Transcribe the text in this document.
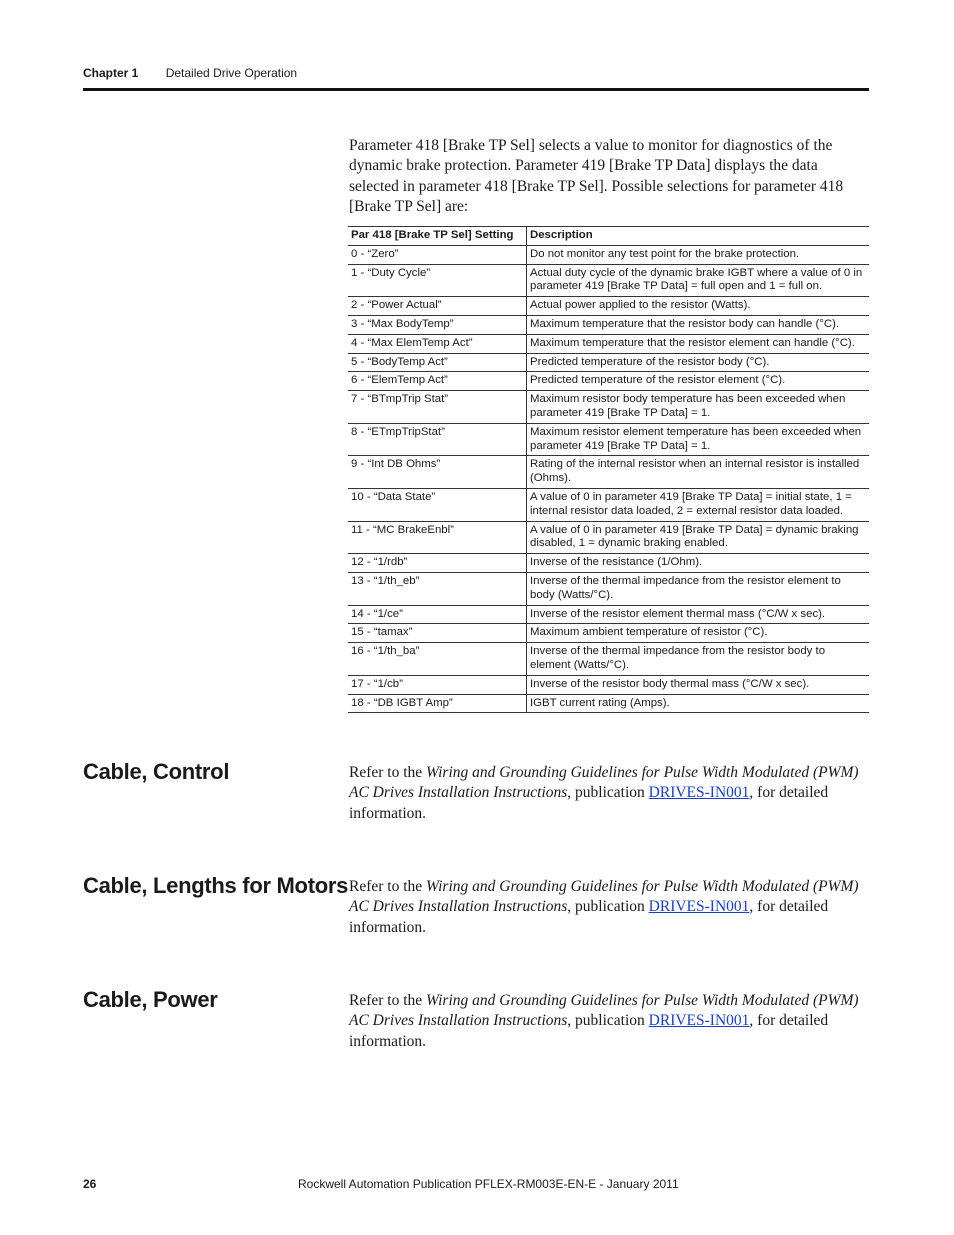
Chapter 1 Detailed Drive Operation
Parameter 418 [Brake TP Sel] selects a value to monitor for diagnostics of the dynamic brake protection. Parameter 419 [Brake TP Data] displays the data selected in parameter 418 [Brake TP Sel]. Possible selections for parameter 418 [Brake TP Sel] are:
Par 418 [Brake TP Sel] Setting	Description
0 - “Zero”	Do not monitor any test point for the brake protection.
1 - “Duty Cycle”	Actual duty cycle of the dynamic brake IGBT where a value of 0 in parameter 419 [Brake TP Data] = full open and 1 = full on.
2 - “Power Actual”	Actual power applied to the resistor (Watts).
3 - “Max BodyTemp”	Maximum temperature that the resistor body can handle (°C).
4 - “Max ElemTemp Act”	Maximum temperature that the resistor element can handle (°C).
5 - “BodyTemp Act”	Predicted temperature of the resistor body (°C).
6 - “ElemTemp Act”	Predicted temperature of the resistor element (°C).
7 - “BTmpTrip Stat”	Maximum resistor body temperature has been exceeded when parameter 419 [Brake TP Data] = 1.
8 - “ETmpTripStat”	Maximum resistor element temperature has been exceeded when parameter 419 [Brake TP Data] = 1.
9 - “Int DB Ohms”	Rating of the internal resistor when an internal resistor is installed (Ohms).
10 - “Data State”	A value of 0 in parameter 419 [Brake TP Data] = initial state, 1 = internal resistor data loaded, 2 = external resistor data loaded.
11 - “MC BrakeEnbl”	A value of 0 in parameter 419 [Brake TP Data] = dynamic braking disabled, 1 = dynamic braking enabled.
12 - “1/rdb”	Inverse of the resistance (1/Ohm).
13 - “1/th_eb”	Inverse of the thermal impedance from the resistor element to body (Watts/°C).
14 - “1/ce”	Inverse of the resistor element thermal mass (°C/W x sec).
15 - “tamax”	Maximum ambient temperature of resistor (°C).
16 - “1/th_ba”	Inverse of the thermal impedance from the resistor body to element (Watts/°C).
17 - “1/cb”	Inverse of the resistor body thermal mass (°C/W x sec).
18 - “DB IGBT Amp”	IGBT current rating (Amps).
Cable, Control	Refer to the Wiring and Grounding Guidelines for Pulse Width Modulated (PWM) AC Drives Installation Instructions, publication DRIVES-IN001, for detailed information.
Cable, Lengths for Motors Refer to the Wiring and Grounding Guidelines for Pulse Width Modulated (PWM) AC Drives Installation Instructions, publication DRIVES-IN001, for detailed information.
Cable, Power	Refer to the Wiring and Grounding Guidelines for Pulse Width Modulated (PWM) AC Drives Installation Instructions, publication DRIVES-IN001, for detailed information.
26	Rockwell Automation Publication PFLEX-RM003E-EN-E - January 2011
